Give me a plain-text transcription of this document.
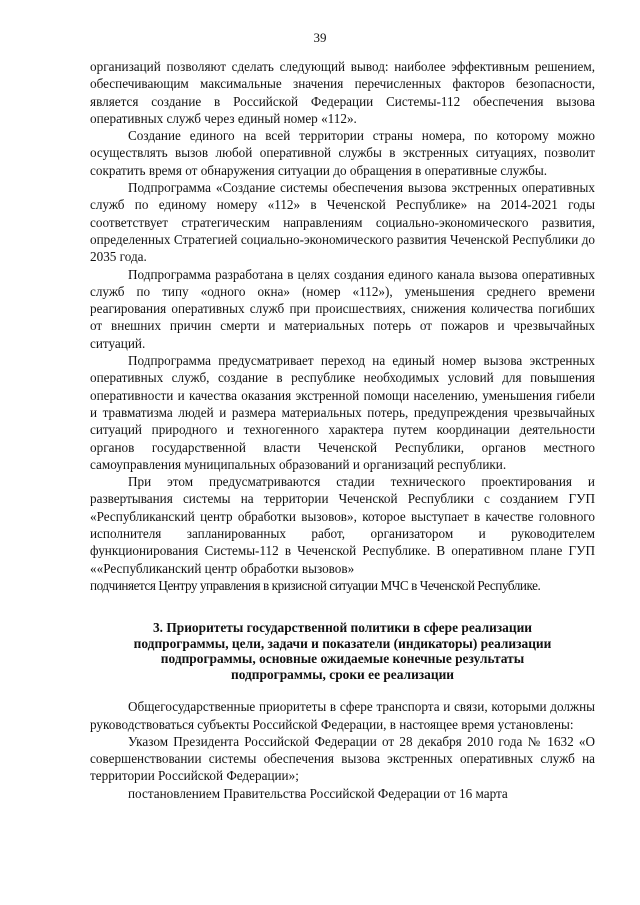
39

организаций позволяют сделать следующий вывод: наиболее эффективным решением, обеспечивающим максимальные значения перечисленных факторов безопасности, является создание в Российской Федерации Системы-112 обеспечения вызова оперативных служб через единый номер «112».

Создание единого на всей территории страны номера, по которому можно осуществлять вызов любой оперативной службы в экстренных ситуациях, позволит сократить время от обнаружения ситуации до обращения в оперативные службы.

Подпрограмма «Создание системы обеспечения вызова экстренных оперативных служб по единому номеру «112» в Чеченской Республике» на 2014-2021 годы соответствует стратегическим направлениям социально-экономического развития, определенных Стратегией социально-экономического развития Чеченской Республики до 2035 года.

Подпрограмма разработана в целях создания единого канала вызова оперативных служб по типу «одного окна» (номер «112»), уменьшения среднего времени реагирования оперативных служб при происшествиях, снижения количества погибших от внешних причин смерти и материальных потерь от пожаров и чрезвычайных ситуаций.

Подпрограмма предусматривает переход на единый номер вызова экстренных оперативных служб, создание в республике необходимых условий для повышения оперативности и качества оказания экстренной помощи населению, уменьшения гибели и травматизма людей и размера материальных потерь, предупреждения чрезвычайных ситуаций природного и техногенного характера путем координации деятельности органов государственной власти Чеченской Республики, органов местного самоуправления муниципальных образований и организаций республики.

При этом предусматриваются стадии технического проектирования и развертывания системы на территории Чеченской Республики с созданием ГУП «Республиканский центр обработки вызовов», которое выступает в качестве головного исполнителя запланированных работ, организатором и руководителем функционирования Системы-112 в Чеченской Республике. В оперативном плане ГУП ««Республиканский центр обработки вызовов»

подчиняется Центру управления в кризисной ситуации МЧС в Чеченской Республике.

3. Приоритеты государственной политики в сфере реализации
подпрограммы, цели, задачи и показатели (индикаторы) реализации
подпрограммы, основные ожидаемые конечные результаты
подпрограммы, сроки ее реализации

Общегосударственные приоритеты в сфере транспорта и связи, которыми должны руководствоваться субъекты Российской Федерации, в настоящее время установлены:

Указом Президента Российской Федерации от 28 декабря 2010 года № 1632 «О совершенствовании системы обеспечения вызова экстренных оперативных служб на территории Российской Федерации»;

постановлением Правительства Российской Федерации от 16 марта
